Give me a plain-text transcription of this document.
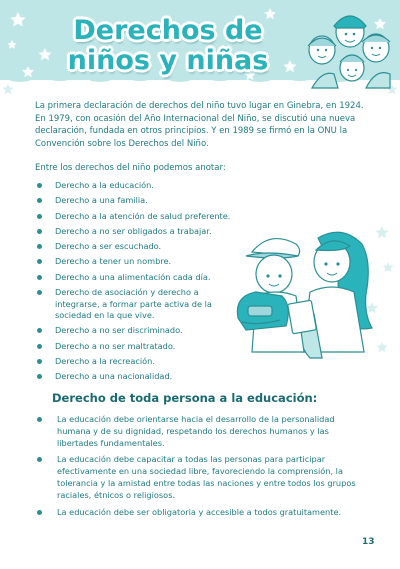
Derechos de
niños y niñas

La primera declaración de derechos del niño tuvo lugar en Ginebra, en 1924. En 1979, con ocasión del Año Internacional del Niño, se discutió una nueva declaración, fundada en otros principios. Y en 1989 se firmó en la ONU la Convención sobre los Derechos del Niño.

Entre los derechos del niño podemos anotar:

Derecho a la educación.
Derecho a una familia.
Derecho a la atención de salud preferente.
Derecho a no ser obligados a trabajar.
Derecho a ser escuchado.
Derecho a tener un nombre.
Derecho a una alimentación cada día.
Derecho de asociación y derecho a integrarse, a formar parte activa de la sociedad en la que vive.
Derecho a no ser discriminado.
Derecho a no ser maltratado.
Derecho a la recreación.
Derecho a una nacionalidad.
Derecho de toda persona a la educación:
La educación debe orientarse hacia el desarrollo de la personalidad humana y de su dignidad, respetando los derechos humanos y las libertades fundamentales.
La educación debe capacitar a todas las personas para participar efectivamente en una sociedad libre, favoreciendo la comprensión, la tolerancia y la amistad entre todas las naciones y entre todos los grupos raciales, étnicos o religiosos.
La educación debe ser obligatoria y accesible a todos gratuitamente.
13
